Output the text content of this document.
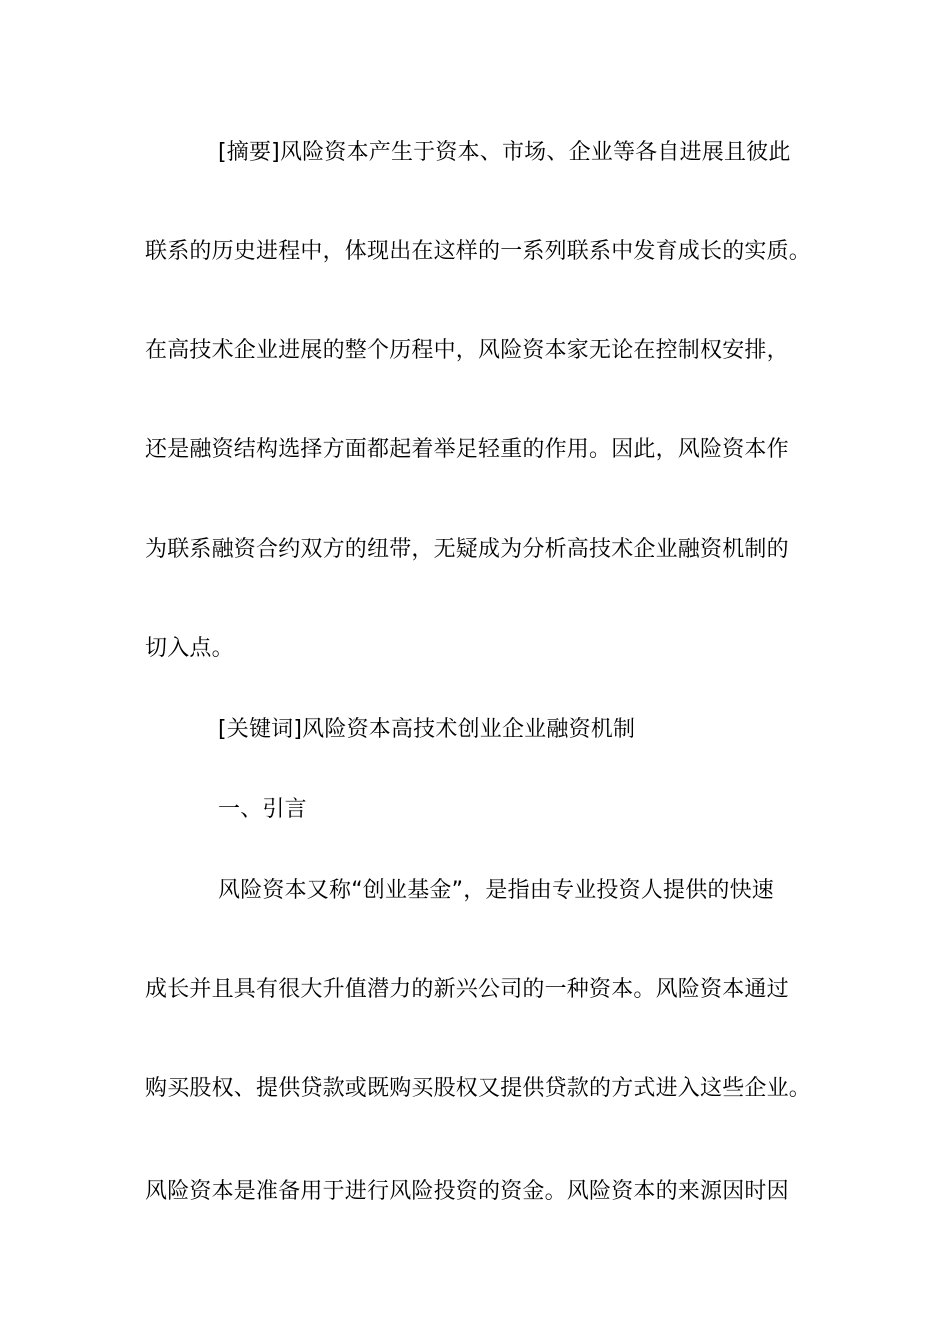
[摘要]风险资本产生于资本、市场、企业等各自进展且彼此
联系的历史进程中，体现出在这样的一系列联系中发育成长的实质。
在高技术企业进展的整个历程中，风险资本家无论在控制权安排，
还是融资结构选择方面都起着举足轻重的作用。因此，风险资本作
为联系融资合约双方的纽带，无疑成为分析高技术企业融资机制的
切入点。
[关键词]风险资本高技术创业企业融资机制
一、引言
风险资本又称“创业基金”，是指由专业投资人提供的快速
成长并且具有很大升值潜力的新兴公司的一种资本。风险资本通过
购买股权、提供贷款或既购买股权又提供贷款的方式进入这些企业。
风险资本是准备用于进行风险投资的资金。风险资本的来源因时因
